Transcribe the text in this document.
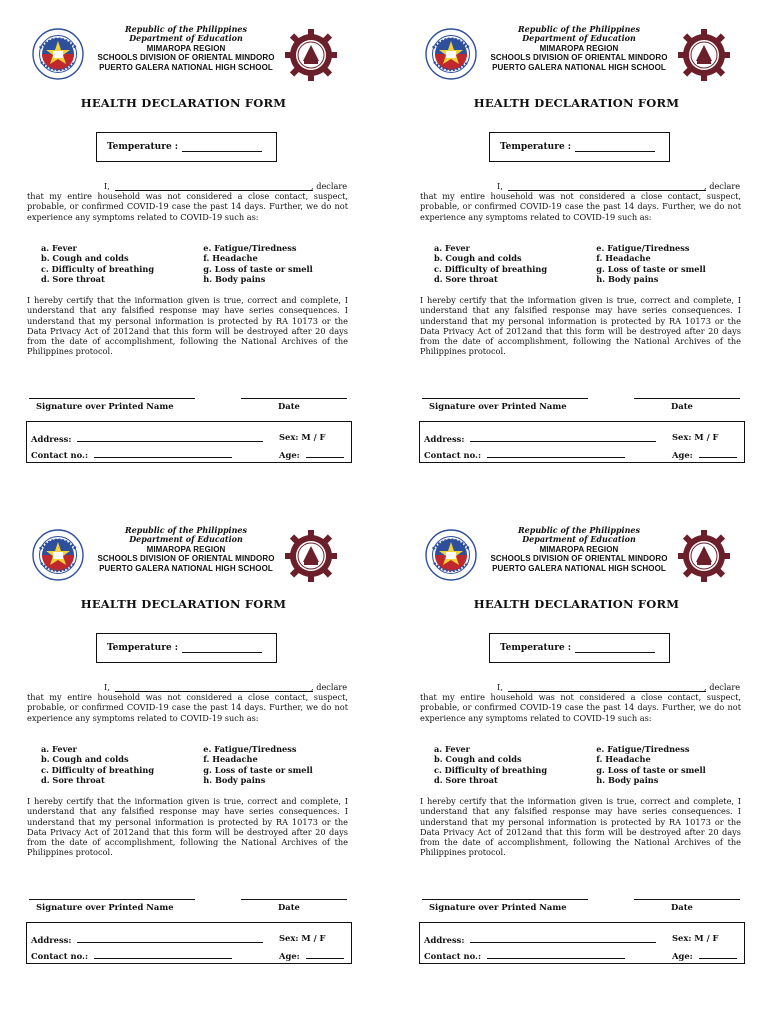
Republic of the Philippines
Department of Education
MIMAROPA REGION
SCHOOLS DIVISION OF ORIENTAL MINDORO
PUERTO GALERA NATIONAL HIGH SCHOOL
HEALTH DECLARATION FORM
Temperature :
I,	, declare
that my entire household was not considered a close contact, suspect, probable, or confirmed COVID-19 case the past 14 days. Further, we do not experience any symptoms related to COVID-19 such as:
a. Fever	e. Fatigue/Tiredness
b. Cough and colds	f. Headache
c. Difficulty of breathing	g. Loss of taste or smell
d. Sore throat	h. Body pains
I hereby certify that the information given is true, correct and complete, I understand that any falsified response may have series consequences. I understand that my personal information is protected by RA 10173 or the Data Privacy Act of 2012and that this form will be destroyed after 20 days from the date of accomplishment, following the National Archives of the Philippines protocol.
Signature over Printed Name	Date
Address:	Sex: M / F
Contact no.:	Age:
Republic of the Philippines
Department of Education
MIMAROPA REGION
SCHOOLS DIVISION OF ORIENTAL MINDORO
PUERTO GALERA NATIONAL HIGH SCHOOL
HEALTH DECLARATION FORM
Temperature :
I,	, declare
that my entire household was not considered a close contact, suspect, probable, or confirmed COVID-19 case the past 14 days. Further, we do not experience any symptoms related to COVID-19 such as:
a. Fever	e. Fatigue/Tiredness
b. Cough and colds	f. Headache
c. Difficulty of breathing	g. Loss of taste or smell
d. Sore throat	h. Body pains
I hereby certify that the information given is true, correct and complete, I understand that any falsified response may have series consequences. I understand that my personal information is protected by RA 10173 or the Data Privacy Act of 2012and that this form will be destroyed after 20 days from the date of accomplishment, following the National Archives of the Philippines protocol.
Signature over Printed Name	Date
Address:	Sex: M / F
Contact no.:	Age:
Republic of the Philippines
Department of Education
MIMAROPA REGION
SCHOOLS DIVISION OF ORIENTAL MINDORO
PUERTO GALERA NATIONAL HIGH SCHOOL
HEALTH DECLARATION FORM
Temperature :
I,	, declare
that my entire household was not considered a close contact, suspect, probable, or confirmed COVID-19 case the past 14 days. Further, we do not experience any symptoms related to COVID-19 such as:
a. Fever	e. Fatigue/Tiredness
b. Cough and colds	f. Headache
c. Difficulty of breathing	g. Loss of taste or smell
d. Sore throat	h. Body pains
I hereby certify that the information given is true, correct and complete, I understand that any falsified response may have series consequences. I understand that my personal information is protected by RA 10173 or the Data Privacy Act of 2012and that this form will be destroyed after 20 days from the date of accomplishment, following the National Archives of the Philippines protocol.
Signature over Printed Name	Date
Address:	Sex: M / F
Contact no.:	Age:
Republic of the Philippines
Department of Education
MIMAROPA REGION
SCHOOLS DIVISION OF ORIENTAL MINDORO
PUERTO GALERA NATIONAL HIGH SCHOOL
HEALTH DECLARATION FORM
Temperature :
I,	, declare
that my entire household was not considered a close contact, suspect, probable, or confirmed COVID-19 case the past 14 days. Further, we do not experience any symptoms related to COVID-19 such as:
a. Fever	e. Fatigue/Tiredness
b. Cough and colds	f. Headache
c. Difficulty of breathing	g. Loss of taste or smell
d. Sore throat	h. Body pains
I hereby certify that the information given is true, correct and complete, I understand that any falsified response may have series consequences. I understand that my personal information is protected by RA 10173 or the Data Privacy Act of 2012and that this form will be destroyed after 20 days from the date of accomplishment, following the National Archives of the Philippines protocol.
Signature over Printed Name	Date
Address:	Sex: M / F
Contact no.:	Age:
